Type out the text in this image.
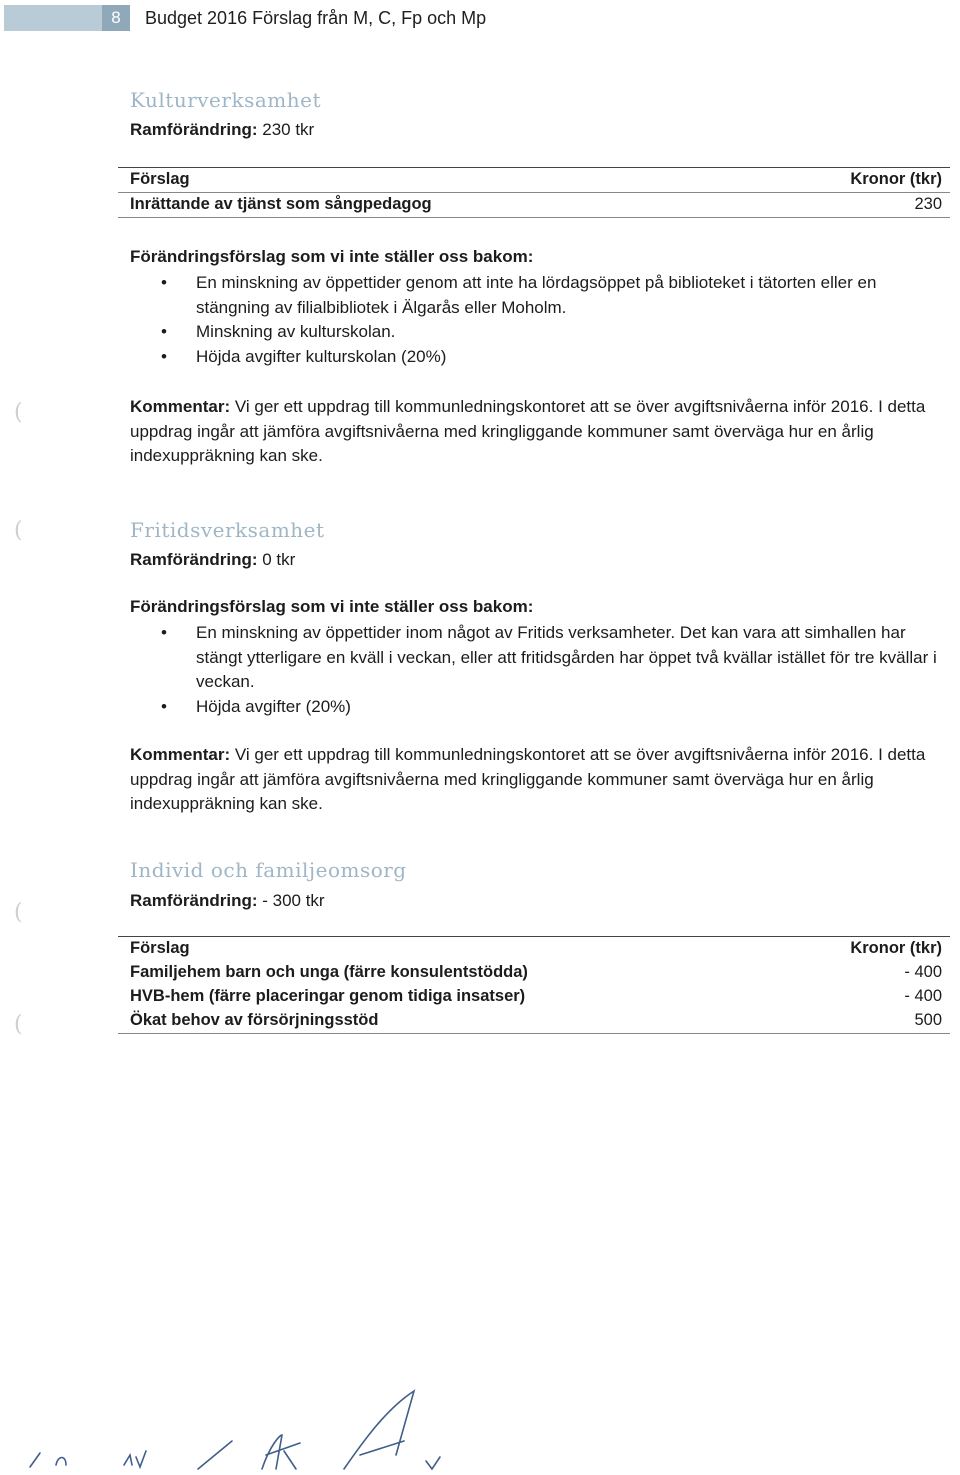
8	Budget 2016 Förslag från M, C, Fp och Mp
Kulturverksamhet
Ramförändring: 230 tkr
Förslag	Kronor (tkr)
Inrättande av tjänst som sångpedagog	230
Förändringsförslag som vi inte ställer oss bakom:
• En minskning av öppettider genom att inte ha lördagsöppet på biblioteket i tätorten eller en stängning av filialbibliotek i Älgarås eller Moholm.
• Minskning av kulturskolan.
• Höjda avgifter kulturskolan (20%)
Kommentar: Vi ger ett uppdrag till kommunledningskontoret att se över avgiftsnivåerna inför 2016. I detta uppdrag ingår att jämföra avgiftsnivåerna med kringliggande kommuner samt överväga hur en årlig indexuppräkning kan ske.
Fritidsverksamhet
Ramförändring: 0 tkr
Förändringsförslag som vi inte ställer oss bakom:
• En minskning av öppettider inom något av Fritids verksamheter. Det kan vara att simhallen har stängt ytterligare en kväll i veckan, eller att fritidsgården har öppet två kvällar istället för tre kvällar i veckan.
• Höjda avgifter (20%)
Kommentar: Vi ger ett uppdrag till kommunledningskontoret att se över avgiftsnivåerna inför 2016. I detta uppdrag ingår att jämföra avgiftsnivåerna med kringliggande kommuner samt överväga hur en årlig indexuppräkning kan ske.
Individ och familjeomsorg
Ramförändring: - 300 tkr
Förslag	Kronor (tkr)
Familjehem barn och unga (färre konsulentstödda)	- 400
HVB-hem (färre placeringar genom tidiga insatser)	- 400
Ökat behov av försörjningsstöd	500
(
(
(
(
